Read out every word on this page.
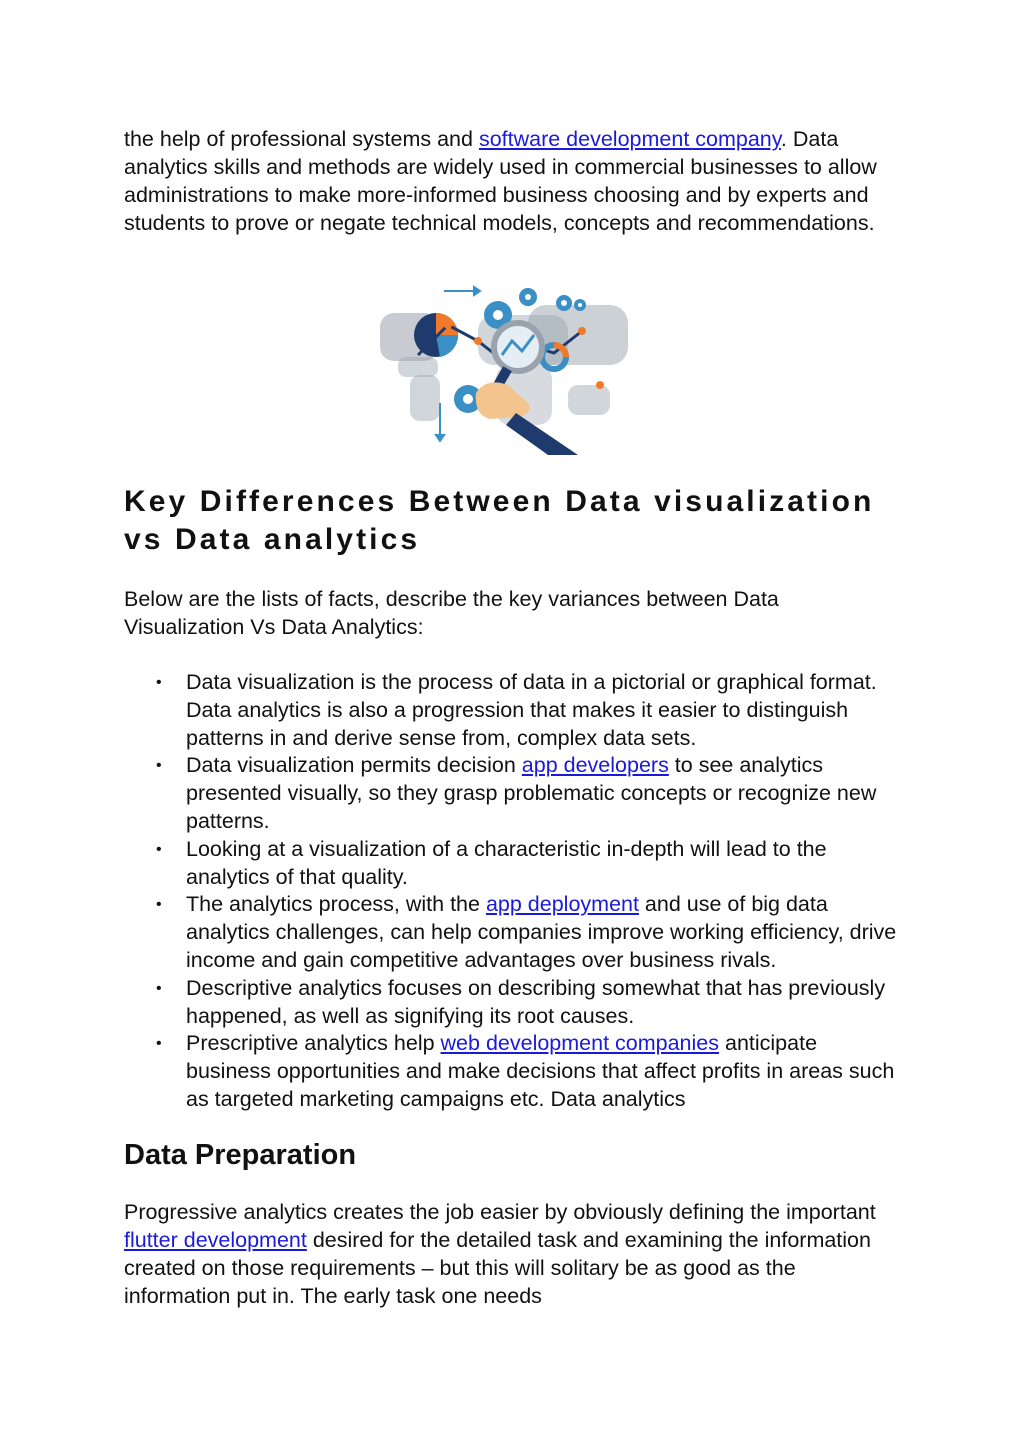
the help of professional systems and software development company. Data analytics skills and methods are widely used in commercial businesses to allow administrations to make more-informed business choosing and by experts and students to prove or negate technical models, concepts and recommendations.

Key Differences Between Data visualization vs Data analytics

Below are the lists of facts, describe the key variances between Data Visualization Vs Data Analytics:

• Data visualization is the process of data in a pictorial or graphical format. Data analytics is also a progression that makes it easier to distinguish patterns in and derive sense from, complex data sets.
• Data visualization permits decision app developers to see analytics presented visually, so they grasp problematic concepts or recognize new patterns.
• Looking at a visualization of a characteristic in-depth will lead to the analytics of that quality.
• The analytics process, with the app deployment and use of big data analytics challenges, can help companies improve working efficiency, drive income and gain competitive advantages over business rivals.
• Descriptive analytics focuses on describing somewhat that has previously happened, as well as signifying its root causes.
• Prescriptive analytics help web development companies anticipate business opportunities and make decisions that affect profits in areas such as targeted marketing campaigns etc. Data analytics
Data Preparation

Progressive analytics creates the job easier by obviously defining the important flutter development desired for the detailed task and examining the information created on those requirements – but this will solitary be as good as the information put in. The early task one needs
